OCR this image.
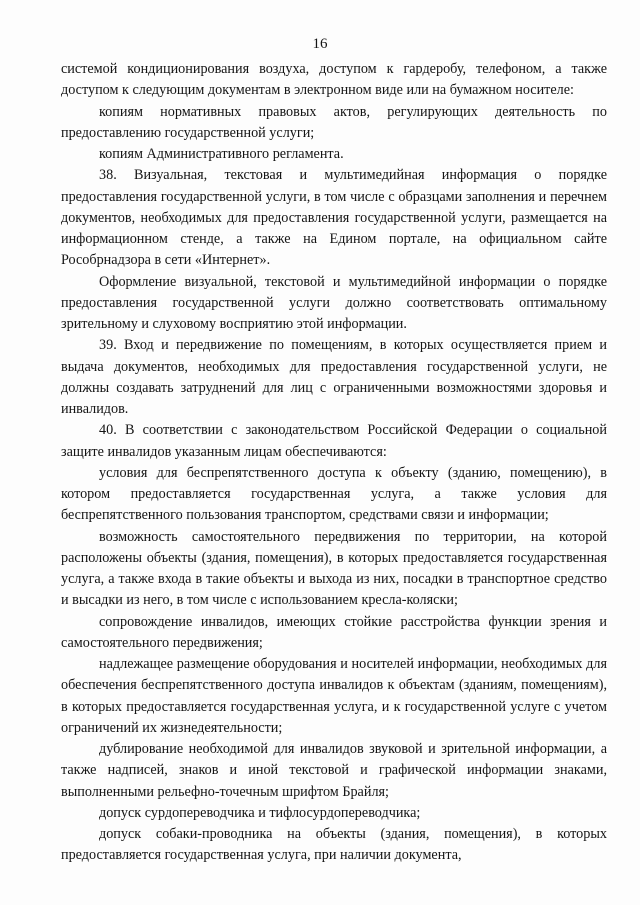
16

системой кондиционирования воздуха, доступом к гардеробу, телефоном, а также доступом к следующим документам в электронном виде или на бумажном носителе:

копиям нормативных правовых актов, регулирующих деятельность по предоставлению государственной услуги;

копиям Административного регламента.

38. Визуальная, текстовая и мультимедийная информация о порядке предоставления государственной услуги, в том числе с образцами заполнения и перечнем документов, необходимых для предоставления государственной услуги, размещается на информационном стенде, а также на Едином портале, на официальном сайте Рособрнадзора в сети «Интернет».

Оформление визуальной, текстовой и мультимедийной информации о порядке предоставления государственной услуги должно соответствовать оптимальному зрительному и слуховому восприятию этой информации.

39. Вход и передвижение по помещениям, в которых осуществляется прием и выдача документов, необходимых для предоставления государственной услуги, не должны создавать затруднений для лиц с ограниченными возможностями здоровья и инвалидов.

40. В соответствии с законодательством Российской Федерации о социальной защите инвалидов указанным лицам обеспечиваются:

условия для беспрепятственного доступа к объекту (зданию, помещению), в котором предоставляется государственная услуга, а также условия для беспрепятственного пользования транспортом, средствами связи и информации;

возможность самостоятельного передвижения по территории, на которой расположены объекты (здания, помещения), в которых предоставляется государственная услуга, а также входа в такие объекты и выхода из них, посадки в транспортное средство и высадки из него, в том числе с использованием кресла-коляски;

сопровождение инвалидов, имеющих стойкие расстройства функции зрения и самостоятельного передвижения;

надлежащее размещение оборудования и носителей информации, необходимых для обеспечения беспрепятственного доступа инвалидов к объектам (зданиям, помещениям), в которых предоставляется государственная услуга, и к государственной услуге с учетом ограничений их жизнедеятельности;

дублирование необходимой для инвалидов звуковой и зрительной информации, а также надписей, знаков и иной текстовой и графической информации знаками, выполненными рельефно-точечным шрифтом Брайля;

допуск сурдопереводчика и тифлосурдопереводчика;

допуск собаки-проводника на объекты (здания, помещения), в которых предоставляется государственная услуга, при наличии документа,
